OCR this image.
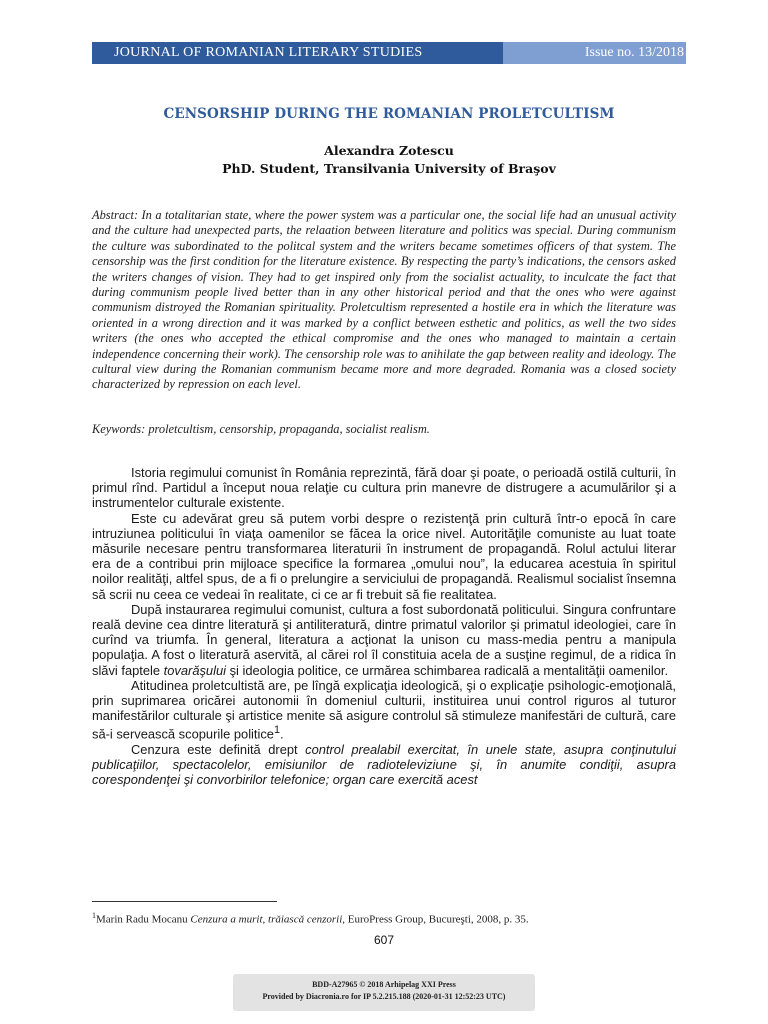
JOURNAL OF ROMANIAN LITERARY STUDIES	Issue no. 13/2018
CENSORSHIP DURING THE ROMANIAN PROLETCULTISM
Alexandra Zotescu
PhD. Student, Transilvania University of Braşov

Abstract: In a totalitarian state, where the power system was a particular one, the social life had an unusual activity and the culture had unexpected parts, the relaation between literature and politics was special. During communism the culture was subordinated to the politcal system and the writers became sometimes officers of that system. The censorship was the first condition for the literature existence. By respecting the party’s indications, the censors asked the writers changes of vision. They had to get inspired only from the socialist actuality, to inculcate the fact that during communism people lived better than in any other historical period and that the ones who were against communism distroyed the Romanian spirituality. Proletcultism represented a hostile era in which the literature was oriented in a wrong direction and it was marked by a conflict between esthetic and politics, as well the two sides writers (the ones who accepted the ethical compromise and the ones who managed to maintain a certain independence concerning their work). The censorship role was to anihilate the gap between reality and ideology. The cultural view during the Romanian communism became more and more degraded. Romania was a closed society characterized by repression on each level.

Keywords: proletcultism, censorship, propaganda, socialist realism.

Istoria regimului comunist în România reprezintă, fără doar şi poate, o perioadă ostilă culturii, în primul rînd. Partidul a început noua relaţie cu cultura prin manevre de distrugere a acumulărilor şi a instrumentelor culturale existente.

Este cu adevărat greu să putem vorbi despre o rezistenţă prin cultură într-o epocă în care intruziunea politicului în viaţa oamenilor se făcea la orice nivel. Autorităţile comuniste au luat toate măsurile necesare pentru transformarea literaturii în instrument de propagandă. Rolul actului literar era de a contribui prin mijloace specifice la formarea „omului nou”, la educarea acestuia în spiritul noilor realităţi, altfel spus, de a fi o prelungire a serviciului de propagandă. Realismul socialist însemna să scrii nu ceea ce vedeai în realitate, ci ce ar fi trebuit să fie realitatea.

După instaurarea regimului comunist, cultura a fost subordonată politicului. Singura confruntare reală devine cea dintre literatură şi antiliteratură, dintre primatul valorilor şi primatul ideologiei, care în curînd va triumfa. În general, literatura a acţionat la unison cu mass-media pentru a manipula populaţia. A fost o literatură aservită, al cărei rol îl constituia acela de a susţine regimul, de a ridica în slăvi faptele tovarăşului şi ideologia politice, ce urmărea schimbarea radicală a mentalităţii oamenilor.

Atitudinea proletcultistă are, pe lîngă explicaţia ideologică, şi o explicaţie psihologic-emoţională, prin suprimarea oricărei autonomii în domeniul culturii, instituirea unui control riguros al tuturor manifestărilor culturale şi artistice menite să asigure controlul să stimuleze manifestări de cultură, care să-i servească scopurile politice$^1$.

Cenzura este definită drept control prealabil exercitat, în unele state, asupra conţinutului publicaţiilor, spectacolelor, emisiunilor de radioteleviziune şi, în anumite condiţii, asupra corespondenţei şi convorbirilor telefonice; organ care exercită acest

$^1$Marin Radu Mocanu Cenzura a murit, trăiască cenzorii, EuroPress Group, Bucureşti, 2008, p. 35.
607
BDD-A27965 © 2018 Arhipelag XXI Press
Provided by Diacronia.ro for IP 5.2.215.188 (2020-01-31 12:52:23 UTC)
